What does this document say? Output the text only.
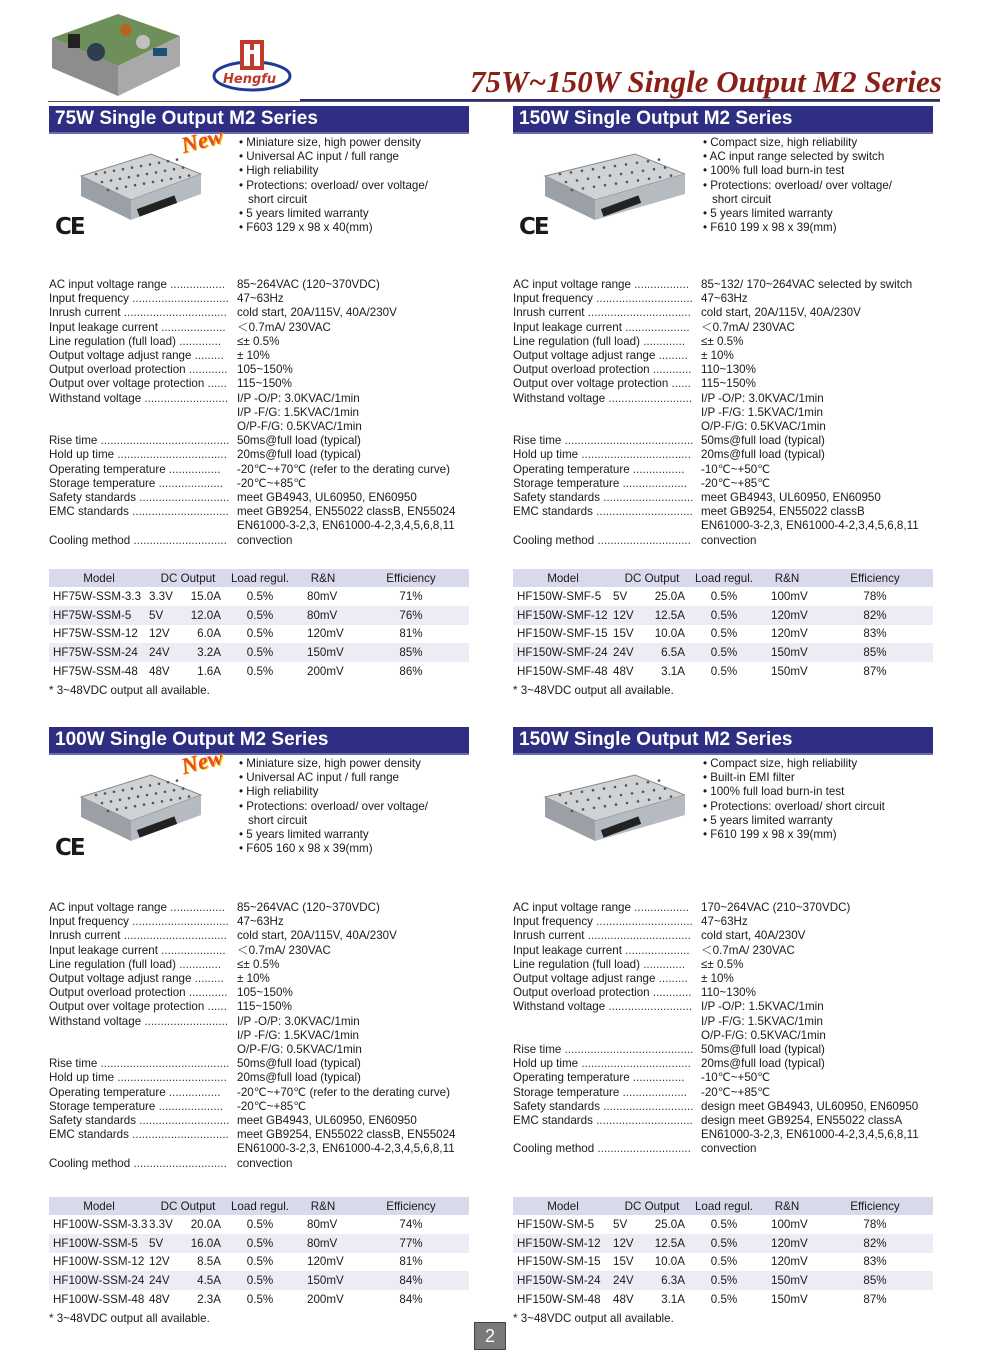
Hengfu	75W~150W Single Output M2 Series
75W Single Output M2 Series
New
CE
• Miniature size, high power density
• Universal AC input / full range
• High reliability
• Protections: overload/ over voltage/
short circuit
• 5 years limited warranty
• F603 129 x 98 x 40(mm)
AC input voltage range .................	85~264VAC (120~370VDC)
Input frequency .............................. 47~63Hz
Inrush current ................................ cold start, 20A/115V, 40A/230V
Input leakage current .................... ＜0.7mA/ 230VAC
Line regulation (full load) .............	≤± 0.5%
Output voltage adjust range .........	± 10%
Output overload protection ............ 105~150%
Output over voltage protection ...... 115~150%
Withstand voltage .......................... I/P -O/P: 3.0KVAC/1min
I/P -F/G: 1.5KVAC/1min
O/P-F/G: 0.5KVAC/1min
Rise time ........................................ 50ms@full load (typical)
Hold up time .................................. 20ms@full load (typical)
Operating temperature ................	-20℃~+70℃ (refer to the derating curve)
Storage temperature ....................	-20℃~+85℃
Safety standards ............................ meet GB4943, UL60950, EN60950
EMC standards .............................. meet GB9254, EN55022 classB, EN55024
EN61000-3-2,3, EN61000-4-2,3,4,5,6,8,11
Cooling method ............................. convection
Model	DC Output		Load regul.	R&N	Efficiency
HF75W-SSM-3.3	3.3V	15.0A	0.5%	80mV	71%
HF75W-SSM-5	5V	12.0A	0.5%	80mV	76%
HF75W-SSM-12	12V	6.0A	0.5%	120mV	81%
HF75W-SSM-24	24V	3.2A	0.5%	150mV	85%
HF75W-SSM-48	48V	1.6A	0.5%	200mV	86%
* 3~48VDC output all available.
150W Single Output M2 Series
CE
• Compact size, high reliability
• AC input range selected by switch
• 100% full load burn-in test
• Protections: overload/ over voltage/
short circuit
• 5 years limited warranty
• F610 199 x 98 x 39(mm)
AC input voltage range .................	85~132/ 170~264VAC selected by switch
Input frequency .............................. 47~63Hz
Inrush current ................................ cold start, 20A/115V, 40A/230V
Input leakage current .................... ＜0.7mA/ 230VAC
Line regulation (full load) .............	≤± 0.5%
Output voltage adjust range .........	± 10%
Output overload protection ............ 110~130%
Output over voltage protection ...... 115~150%
Withstand voltage .......................... I/P -O/P: 3.0KVAC/1min
I/P -F/G: 1.5KVAC/1min
O/P-F/G: 0.5KVAC/1min
Rise time ........................................ 50ms@full load (typical)
Hold up time .................................. 20ms@full load (typical)
Operating temperature ................	-10℃~+50℃
Storage temperature ....................	-20℃~+85℃
Safety standards ............................ meet GB4943, UL60950, EN60950
EMC standards .............................. meet GB9254, EN55022 classB
EN61000-3-2,3, EN61000-4-2,3,4,5,6,8,11
Cooling method ............................. convection
Model	DC Output		Load regul.	R&N	Efficiency
HF150W-SMF-5	5V	25.0A	0.5%	100mV	78%
HF150W-SMF-12	12V	12.5A	0.5%	120mV	82%
HF150W-SMF-15	15V	10.0A	0.5%	120mV	83%
HF150W-SMF-24	24V	6.5A	0.5%	150mV	85%
HF150W-SMF-48	48V	3.1A	0.5%	150mV	87%
* 3~48VDC output all available.
100W Single Output M2 Series
New
CE
• Miniature size, high power density
• Universal AC input / full range
• High reliability
• Protections: overload/ over voltage/
short circuit
• 5 years limited warranty
• F605 160 x 98 x 39(mm)
AC input voltage range .................	85~264VAC (120~370VDC)
Input frequency .............................. 47~63Hz
Inrush current ................................ cold start, 20A/115V, 40A/230V
Input leakage current .................... ＜0.7mA/ 230VAC
Line regulation (full load) .............	≤± 0.5%
Output voltage adjust range .........	± 10%
Output overload protection ............ 105~150%
Output over voltage protection ...... 115~150%
Withstand voltage .......................... I/P -O/P: 3.0KVAC/1min
I/P -F/G: 1.5KVAC/1min
O/P-F/G: 0.5KVAC/1min
Rise time ........................................ 50ms@full load (typical)
Hold up time .................................. 20ms@full load (typical)
Operating temperature ................	-20℃~+70℃ (refer to the derating curve)
Storage temperature ....................	-20℃~+85℃
Safety standards ............................ meet GB4943, UL60950, EN60950
EMC standards .............................. meet GB9254, EN55022 classB, EN55024
EN61000-3-2,3, EN61000-4-2,3,4,5,6,8,11
Cooling method ............................. convection
Model	DC Output		Load regul.	R&N	Efficiency
HF100W-SSM-3.3	3.3V	20.0A	0.5%	80mV	74%
HF100W-SSM-5	5V	16.0A	0.5%	80mV	77%
HF100W-SSM-12	12V	8.5A	0.5%	120mV	81%
HF100W-SSM-24	24V	4.5A	0.5%	150mV	84%
HF100W-SSM-48	48V	2.3A	0.5%	200mV	84%
* 3~48VDC output all available.
150W Single Output M2 Series
• Compact size, high reliability
• Built-in EMI filter
• 100% full load burn-in test
• Protections: overload/ short circuit
• 5 years limited warranty
• F610 199 x 98 x 39(mm)
AC input voltage range .................	170~264VAC (210~370VDC)
Input frequency .............................. 47~63Hz
Inrush current ................................ cold start, 40A/230V
Input leakage current .................... ＜0.7mA/ 230VAC
Line regulation (full load) .............	≤± 0.5%
Output voltage adjust range .........	± 10%
Output overload protection ............ 110~130%
Withstand voltage .......................... I/P -O/P: 1.5KVAC/1min
I/P -F/G: 1.5KVAC/1min
O/P-F/G: 0.5KVAC/1min
Rise time ........................................ 50ms@full load (typical)
Hold up time .................................. 20ms@full load (typical)
Operating temperature ................	-10℃~+50℃
Storage temperature ....................	-20℃~+85℃
Safety standards ............................ design meet GB4943, UL60950, EN60950
EMC standards .............................. design meet GB9254, EN55022 classA
EN61000-3-2,3, EN61000-4-2,3,4,5,6,8,11
Cooling method ............................. convection
Model	DC Output		Load regul.	R&N	Efficiency
HF150W-SM-5	5V	25.0A	0.5%	100mV	78%
HF150W-SM-12	12V	12.5A	0.5%	120mV	82%
HF150W-SM-15	15V	10.0A	0.5%	120mV	83%
HF150W-SM-24	24V	6.3A	0.5%	150mV	85%
HF150W-SM-48	48V	3.1A	0.5%	150mV	87%
* 3~48VDC output all available.
2
